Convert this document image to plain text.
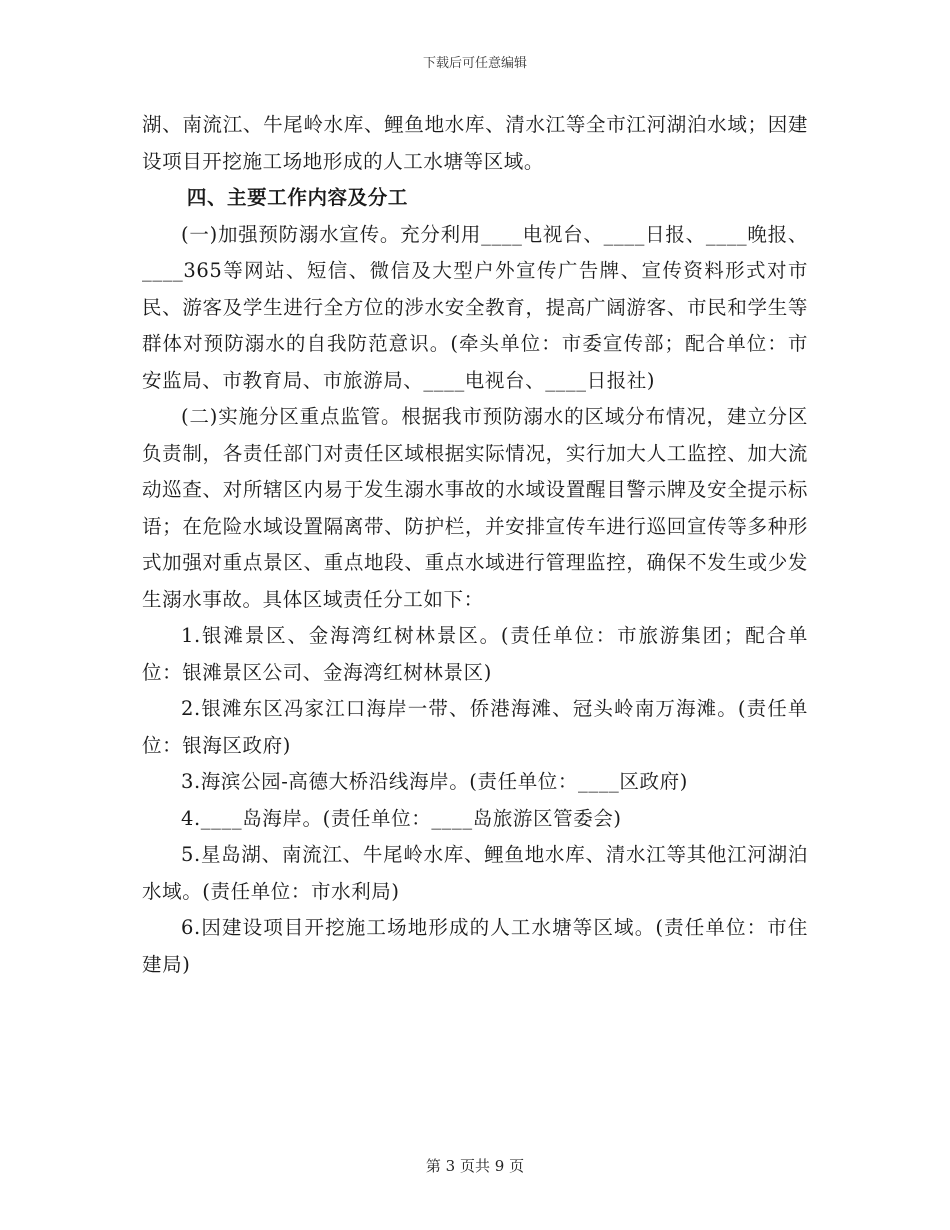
下载后可任意编辑

湖、南流江、牛尾岭水库、鲤鱼地水库、清水江等全市江河湖泊水域；因建设项目开挖施工场地形成的人工水塘等区域。

四、主要工作内容及分工

(一)加强预防溺水宣传。充分利用____电视台、____日报、____晚报、____365等网站、短信、微信及大型户外宣传广告牌、宣传资料形式对市民、游客及学生进行全方位的涉水安全教育，提高广阔游客、市民和学生等群体对预防溺水的自我防范意识。(牵头单位：市委宣传部；配合单位：市安监局、市教育局、市旅游局、____电视台、____日报社)

(二)实施分区重点监管。根据我市预防溺水的区域分布情况，建立分区负责制，各责任部门对责任区域根据实际情况，实行加大人工监控、加大流动巡查、对所辖区内易于发生溺水事故的水域设置醒目警示牌及安全提示标语；在危险水域设置隔离带、防护栏，并安排宣传车进行巡回宣传等多种形式加强对重点景区、重点地段、重点水域进行管理监控，确保不发生或少发生溺水事故。具体区域责任分工如下：

1.银滩景区、金海湾红树林景区。(责任单位：市旅游集团；配合单位：银滩景区公司、金海湾红树林景区)

2.银滩东区冯家江口海岸一带、侨港海滩、冠头岭南万海滩。(责任单位：银海区政府)

3.海滨公园-高德大桥沿线海岸。(责任单位：____区政府)

4.____岛海岸。(责任单位：____岛旅游区管委会)

5.星岛湖、南流江、牛尾岭水库、鲤鱼地水库、清水江等其他江河湖泊水域。(责任单位：市水利局)

6.因建设项目开挖施工场地形成的人工水塘等区域。(责任单位：市住建局)

第 3 页共 9 页
